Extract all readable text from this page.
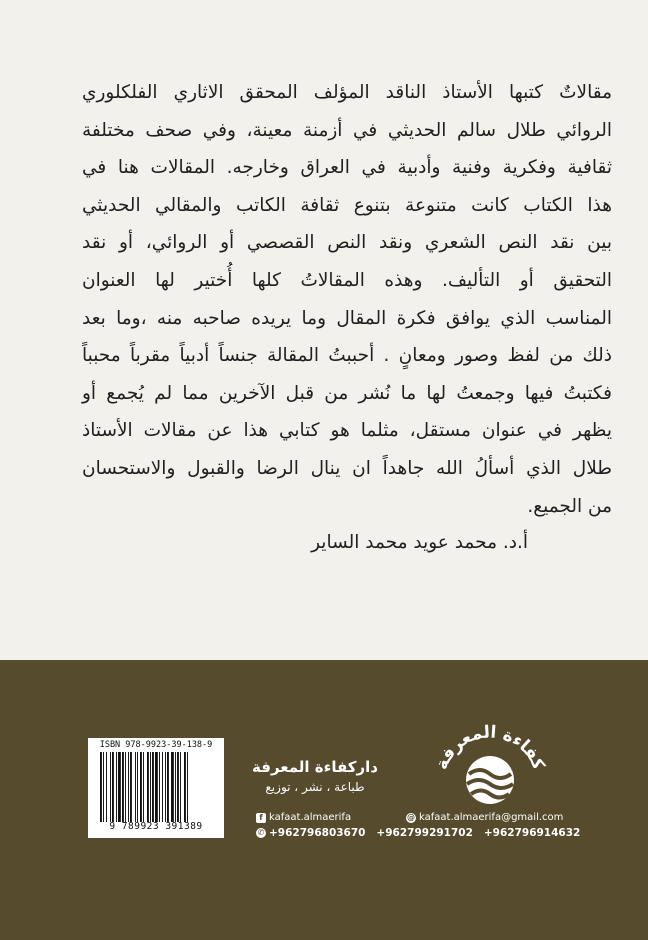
مقالاتٌ كتبها الأستاذ الناقد المؤلف المحقق الاثاري الفلكلوري
الروائي طلال سالم الحديثي في أزمنة معينة، وفي صحف مختلفة
ثقافية وفكرية وفنية وأدبية في العراق وخارجه. المقالات هنا في
هذا الكتاب كانت متنوعة بتنوع ثقافة الكاتب والمقالي الحديثي
بين نقد النص الشعري ونقد النص القصصي أو الروائي، أو نقد
التحقيق أو التأليف. وهذه المقالاتُ كلها أُختير لها العنوان
المناسب الذي يوافق فكرة المقال وما يريده صاحبه منه ،وما بعد
ذلك من لفظ وصور ومعانٍ . أحببتُ المقالة جنساً أدبياً مقرباً محبباً
فكتبتُ فيها وجمعتُ لها ما نُشر من قبل الآخرين مما لم يُجمع أو
يظهر في عنوان مستقل، مثلما هو كتابي هذا عن مقالات الأستاذ
طلال الذي أسألُ الله جاهداً ان ينال الرضا والقبول والاستحسان
من الجميع.
أ.د. محمد عويد محمد الساير
ISBN 978-9923-39-138-9
9 789923 391389
داركفاءة المعرفة
طباعة ، نشر ، توزيع
كفاءة المعرفة
f kafaat.almaerifa	@ kafaat.almaerifa@gmail.com
✆ +962796803670   +962799291702   +962796914632
